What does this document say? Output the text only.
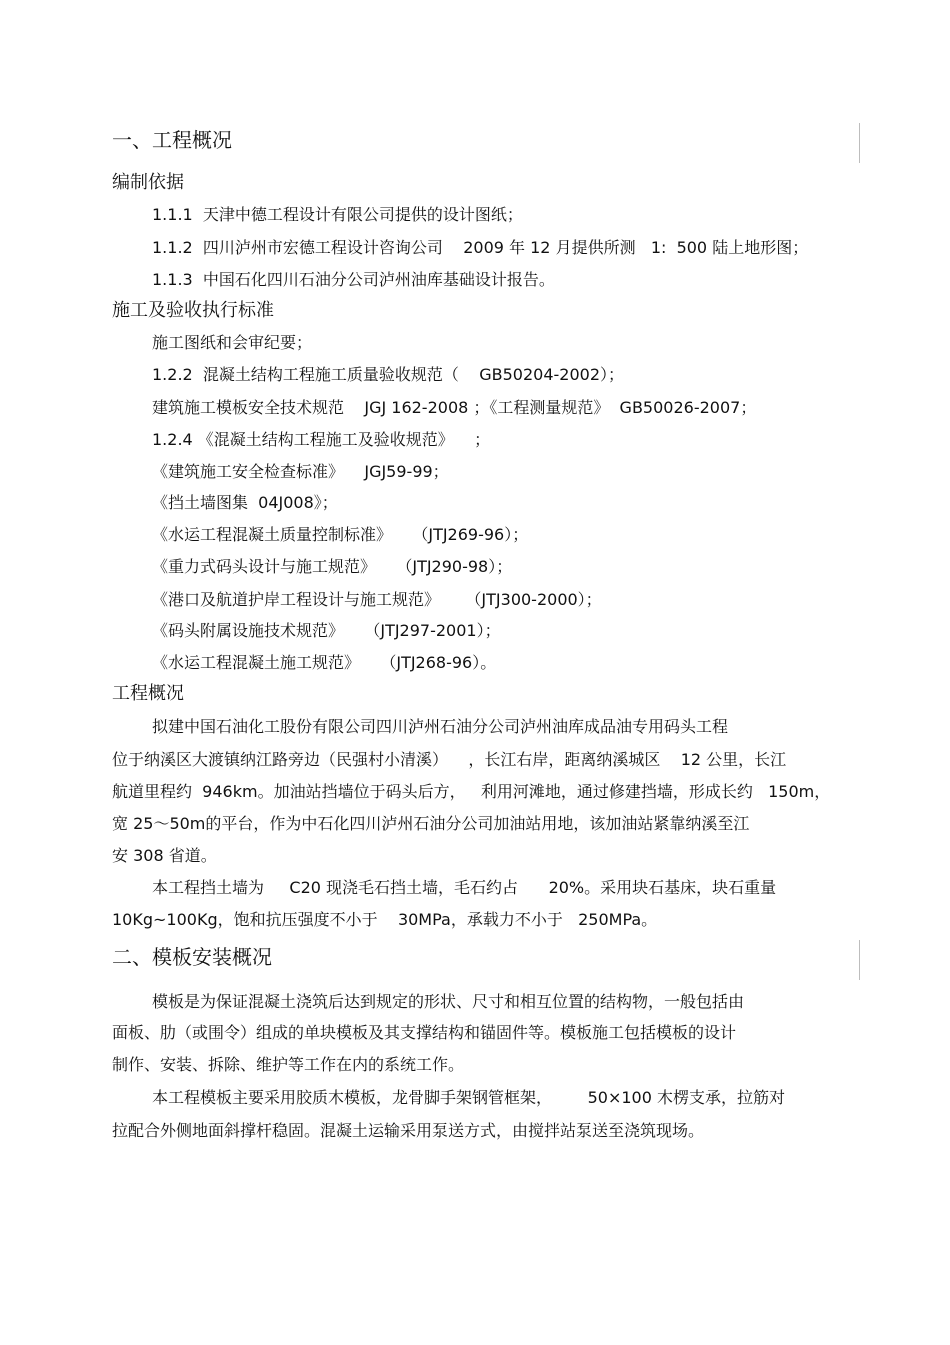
一、工程概况
编制依据
1.1.1  天津中德工程设计有限公司提供的设计图纸；
1.1.2  四川泸州市宏德工程设计咨询公司    2009 年 12 月提供所测   1:  500 陆上地形图；
1.1.3  中国石化四川石油分公司泸州油库基础设计报告。
施工及验收执行标准
施工图纸和会审纪要；
1.2.2  混凝土结构工程施工质量验收规范（    GB50204-2002）；
建筑施工模板安全技术规范    JGJ 162-2008 ；《工程测量规范》  GB50026-2007；
1.2.4 《混凝土结构工程施工及验收规范》    ；
《建筑施工安全检查标准》    JGJ59-99；
《挡土墙图集  04J008》；
《水运工程混凝土质量控制标准》    （JTJ269-96）；
《重力式码头设计与施工规范》    （JTJ290-98）；
《港口及航道护岸工程设计与施工规范》     （JTJ300-2000）；
《码头附属设施技术规范》    （JTJ297-2001）；
《水运工程混凝土施工规范》    （JTJ268-96）。
工程概况
拟建中国石油化工股份有限公司四川泸州石油分公司泸州油库成品油专用码头工程
位于纳溪区大渡镇纳江路旁边（民强村小清溪）    ，长江右岸，距离纳溪城区    12 公里，长江
航道里程约  946km。加油站挡墙位于码头后方，   利用河滩地，通过修建挡墙，形成长约   150m，
宽 25～50m的平台，作为中石化四川泸州石油分公司加油站用地，该加油站紧靠纳溪至江
安 308 省道。
本工程挡土墙为     C20 现浇毛石挡土墙，毛石约占      20%。采用块石基床，块石重量
10Kg~100Kg，饱和抗压强度不小于    30MPa，承载力不小于   250MPa。
二、模板安装概况
模板是为保证混凝土浇筑后达到规定的形状、尺寸和相互位置的结构物，一般包括由
面板、肋（或围令）组成的单块模板及其支撑结构和锚固件等。模板施工包括模板的设计
制作、安装、拆除、维护等工作在内的系统工作。
本工程模板主要采用胶质木模板，龙骨脚手架钢管框架，       50×100 木楞支承，拉筋对
拉配合外侧地面斜撑杆稳固。混凝土运输采用泵送方式，由搅拌站泵送至浇筑现场。
